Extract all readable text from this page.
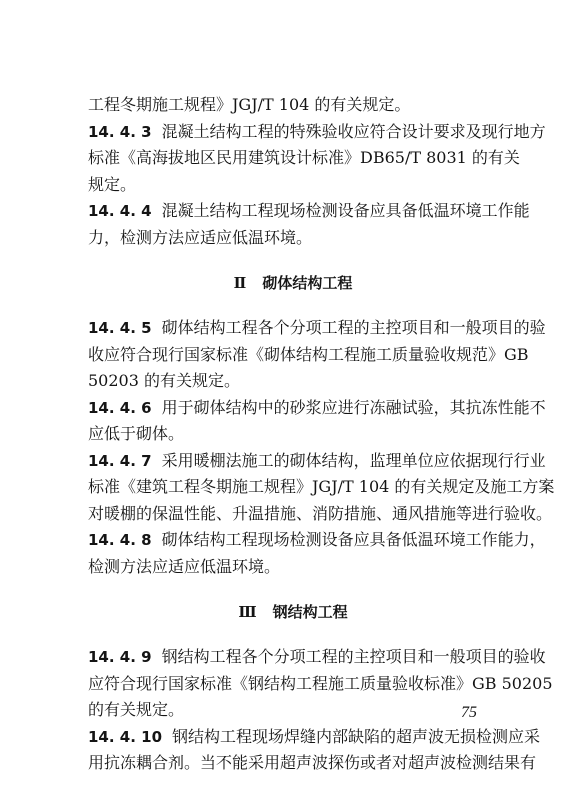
工程冬期施工规程》JGJ/T 104 的有关规定。
14. 4. 3 混凝土结构工程的特殊验收应符合设计要求及现行地方
标准《高海拔地区民用建筑设计标准》DB65/T 8031 的有关
规定。
14. 4. 4 混凝土结构工程现场检测设备应具备低温环境工作能
力，检测方法应适应低温环境。
Ⅱ 砌体结构工程
14. 4. 5 砌体结构工程各个分项工程的主控项目和一般项目的验
收应符合现行国家标准《砌体结构工程施工质量验收规范》GB
50203 的有关规定。
14. 4. 6 用于砌体结构中的砂浆应进行冻融试验，其抗冻性能不
应低于砌体。
14. 4. 7 采用暖棚法施工的砌体结构，监理单位应依据现行行业
标准《建筑工程冬期施工规程》JGJ/T 104 的有关规定及施工方案
对暖棚的保温性能、升温措施、消防措施、通风措施等进行验收。
14. 4. 8 砌体结构工程现场检测设备应具备低温环境工作能力，
检测方法应适应低温环境。
Ⅲ 钢结构工程
14. 4. 9 钢结构工程各个分项工程的主控项目和一般项目的验收
应符合现行国家标准《钢结构工程施工质量验收标准》GB 50205
的有关规定。
14. 4. 10 钢结构工程现场焊缝内部缺陷的超声波无损检测应采
用抗冻耦合剂。当不能采用超声波探伤或者对超声波检测结果有
75
